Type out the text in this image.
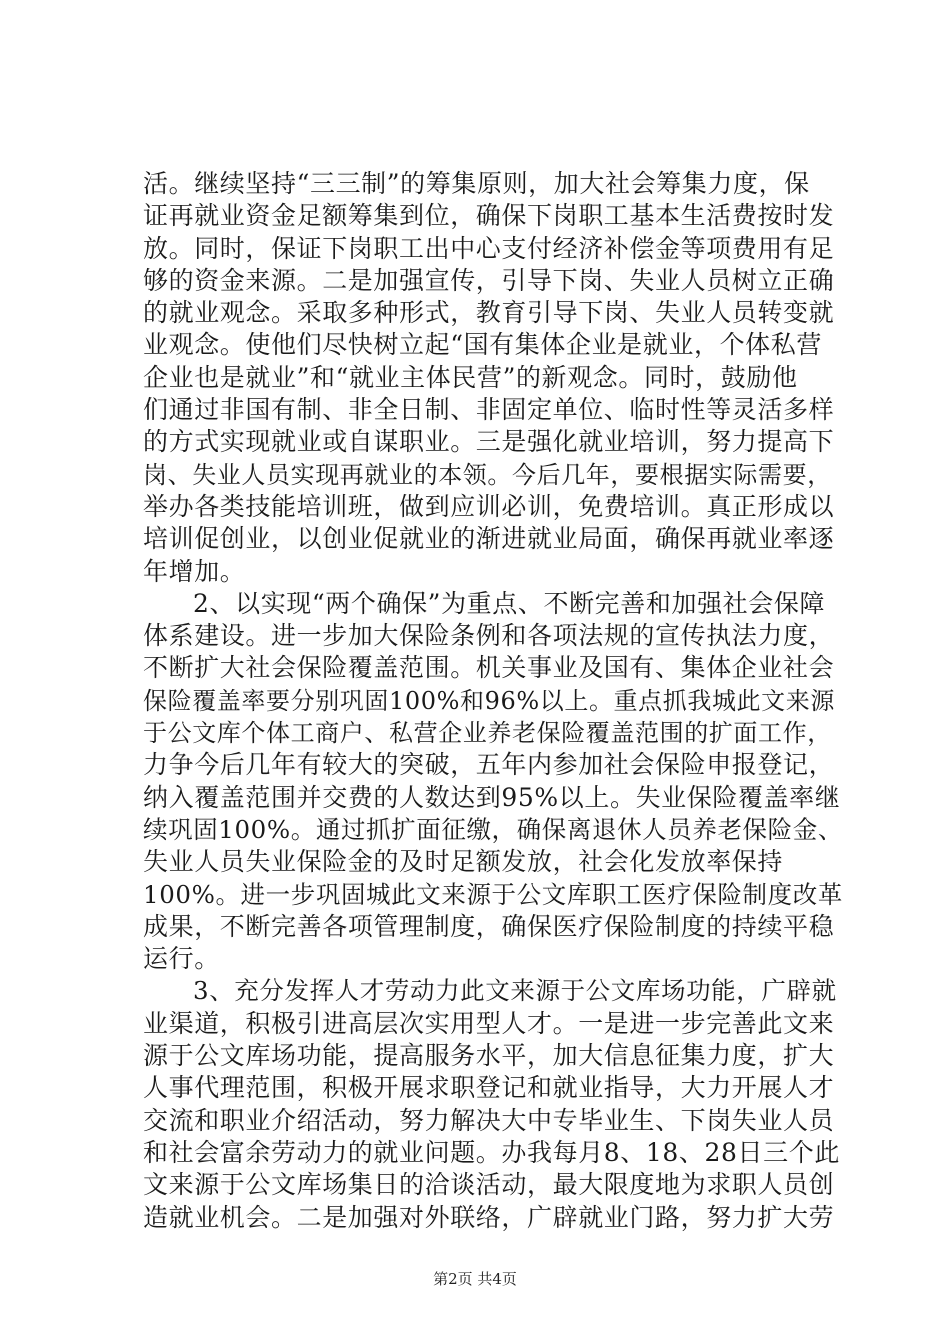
活。继续坚持“三三制”的筹集原则，加大社会筹集力度，保
证再就业资金足额筹集到位，确保下岗职工基本生活费按时发
放。同时，保证下岗职工出中心支付经济补偿金等项费用有足
够的资金来源。二是加强宣传，引导下岗、失业人员树立正确
的就业观念。采取多种形式，教育引导下岗、失业人员转变就
业观念。使他们尽快树立起“国有集体企业是就业，个体私营
企业也是就业”和“就业主体民营”的新观念。同时，鼓励他
们通过非国有制、非全日制、非固定单位、临时性等灵活多样
的方式实现就业或自谋职业。三是强化就业培训，努力提高下
岗、失业人员实现再就业的本领。今后几年，要根据实际需要，
举办各类技能培训班，做到应训必训，免费培训。真正形成以
培训促创业，以创业促就业的渐进就业局面，确保再就业率逐
年增加。
2、以实现“两个确保”为重点、不断完善和加强社会保障
体系建设。进一步加大保险条例和各项法规的宣传执法力度，
不断扩大社会保险覆盖范围。机关事业及国有、集体企业社会
保险覆盖率要分别巩固100%和96%以上。重点抓我城此文来源
于公文库个体工商户、私营企业养老保险覆盖范围的扩面工作，
力争今后几年有较大的突破，五年内参加社会保险申报登记，
纳入覆盖范围并交费的人数达到95%以上。失业保险覆盖率继
续巩固100%。通过抓扩面征缴，确保离退休人员养老保险金、
失业人员失业保险金的及时足额发放，社会化发放率保持
100%。进一步巩固城此文来源于公文库职工医疗保险制度改革
成果，不断完善各项管理制度，确保医疗保险制度的持续平稳
运行。
3、充分发挥人才劳动力此文来源于公文库场功能，广辟就
业渠道，积极引进高层次实用型人才。一是进一步完善此文来
源于公文库场功能，提高服务水平，加大信息征集力度，扩大
人事代理范围，积极开展求职登记和就业指导，大力开展人才
交流和职业介绍活动，努力解决大中专毕业生、下岗失业人员
和社会富余劳动力的就业问题。办我每月8、18、28日三个此
文来源于公文库场集日的洽谈活动，最大限度地为求职人员创
造就业机会。二是加强对外联络，广辟就业门路，努力扩大劳
第2页 共4页
